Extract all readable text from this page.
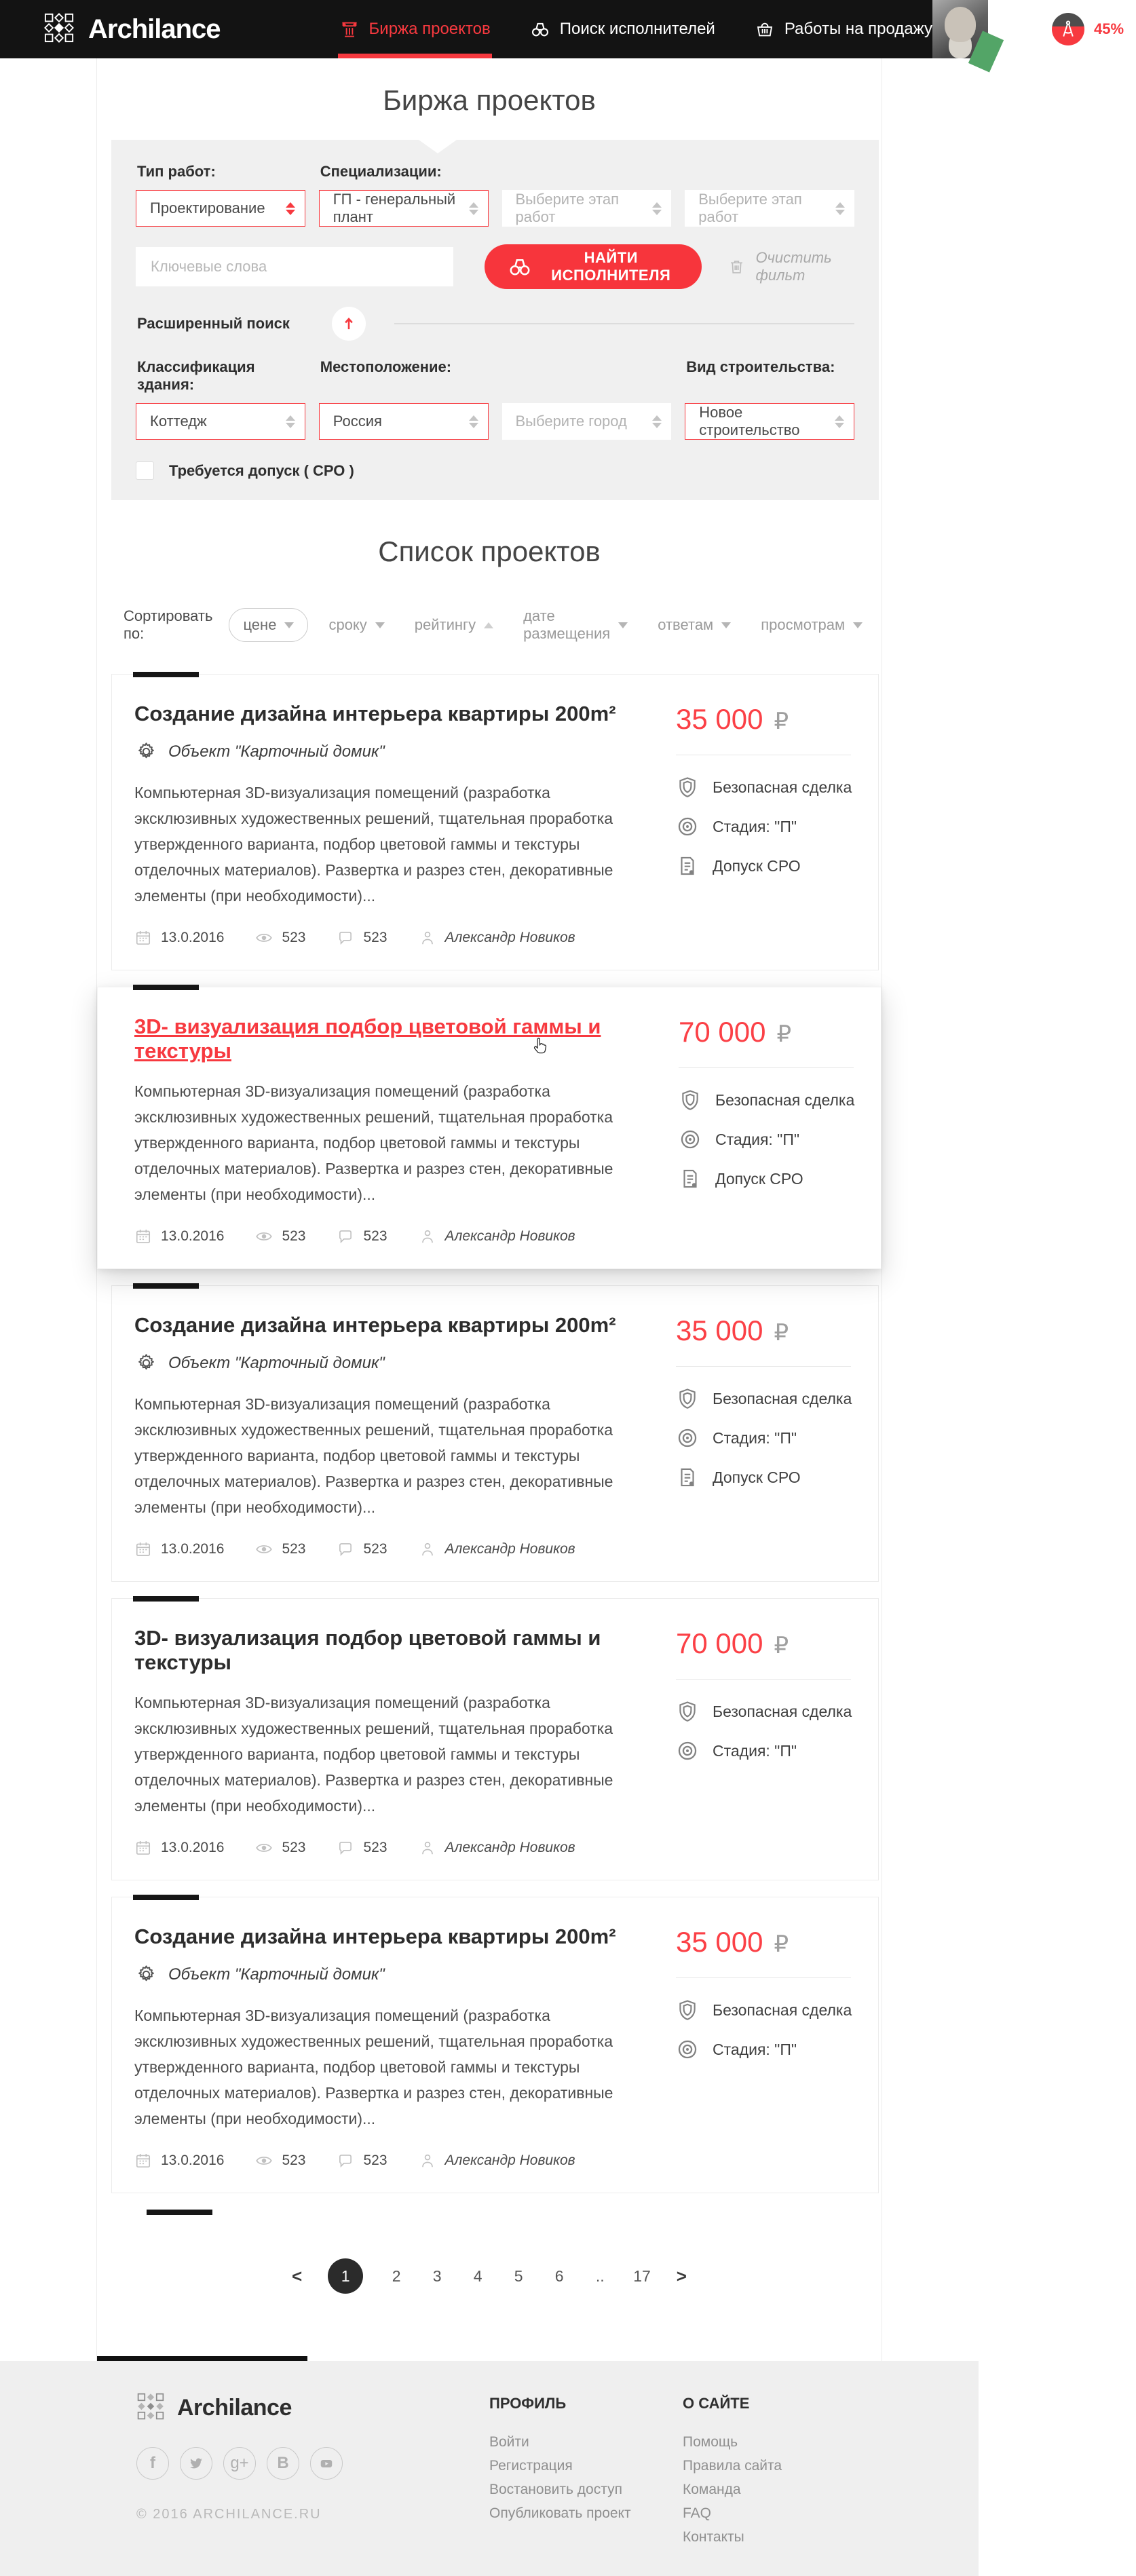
Archilance	Биржа проектов	Поиск исполнителей	Работы на продажу	45%
Биржа проектов
Тип работ:	Специализации:
Проектирование
ГП - генеральный плант
Выберите этап работ
Выберите этап работ
Ключевые слова
НАЙТИ ИСПОЛНИТЕЛЯ
Очистить фильт
Расширенный поиск
Классификация здания:
Местоположение:	Вид строительства:
Коттедж	Россия	Выберите город
Новое строительство
Требуется допуск ( СРО )
Список проектов
Сортировать по:
цене	сроку	рейтингу
дате размещения
ответам	просмотрам
Создание дизайна интерьера квартиры 200m²
Объект "Карточный домик"

Компьютерная 3D-визуализация помещений (разработка эксклюзивных художественных решений, тщательная проработка утвержденного варианта, подбор цветовой гаммы и текстуры отделочных материалов). Развертка и разрез стен, декоративные элементы (при необходимости)...

13.0.2016	523	523	Александр Новиков
35 000 ₽
Безопасная сделка
Стадия: "П"
Допуск СРО
3D- визуализация подбор цветовой гаммы и текстуры

Компьютерная 3D-визуализация помещений (разработка эксклюзивных художественных решений, тщательная проработка утвержденного варианта, подбор цветовой гаммы и текстуры отделочных материалов). Развертка и разрез стен, декоративные элементы (при необходимости)...

13.0.2016	523	523	Александр Новиков
70 000 ₽
Безопасная сделка
Стадия: "П"
Допуск СРО
Создание дизайна интерьера квартиры 200m²
Объект "Карточный домик"

Компьютерная 3D-визуализация помещений (разработка эксклюзивных художественных решений, тщательная проработка утвержденного варианта, подбор цветовой гаммы и текстуры отделочных материалов). Развертка и разрез стен, декоративные элементы (при необходимости)...

13.0.2016	523	523	Александр Новиков
35 000 ₽
Безопасная сделка
Стадия: "П"
Допуск СРО
3D- визуализация подбор цветовой гаммы и текстуры

Компьютерная 3D-визуализация помещений (разработка эксклюзивных художественных решений, тщательная проработка утвержденного варианта, подбор цветовой гаммы и текстуры отделочных материалов). Развертка и разрез стен, декоративные элементы (при необходимости)...

13.0.2016	523	523	Александр Новиков
70 000 ₽
Безопасная сделка
Стадия: "П"
Создание дизайна интерьера квартиры 200m²
Объект "Карточный домик"

Компьютерная 3D-визуализация помещений (разработка эксклюзивных художественных решений, тщательная проработка утвержденного варианта, подбор цветовой гаммы и текстуры отделочных материалов). Развертка и разрез стен, декоративные элементы (при необходимости)...

13.0.2016	523	523	Александр Новиков
35 000 ₽
Безопасная сделка
Стадия: "П"
<	1	2 3 4 5 6 .. 17 >
Archilance
f	g+ B
© 2016 ARCHILANCE.RU
ПРОФИЛЬ
Войти
Регистрация
Востановить доступ
Опубликовать проект
О САЙТЕ
Помощь
Правила сайта
Команда
FAQ
Контакты
